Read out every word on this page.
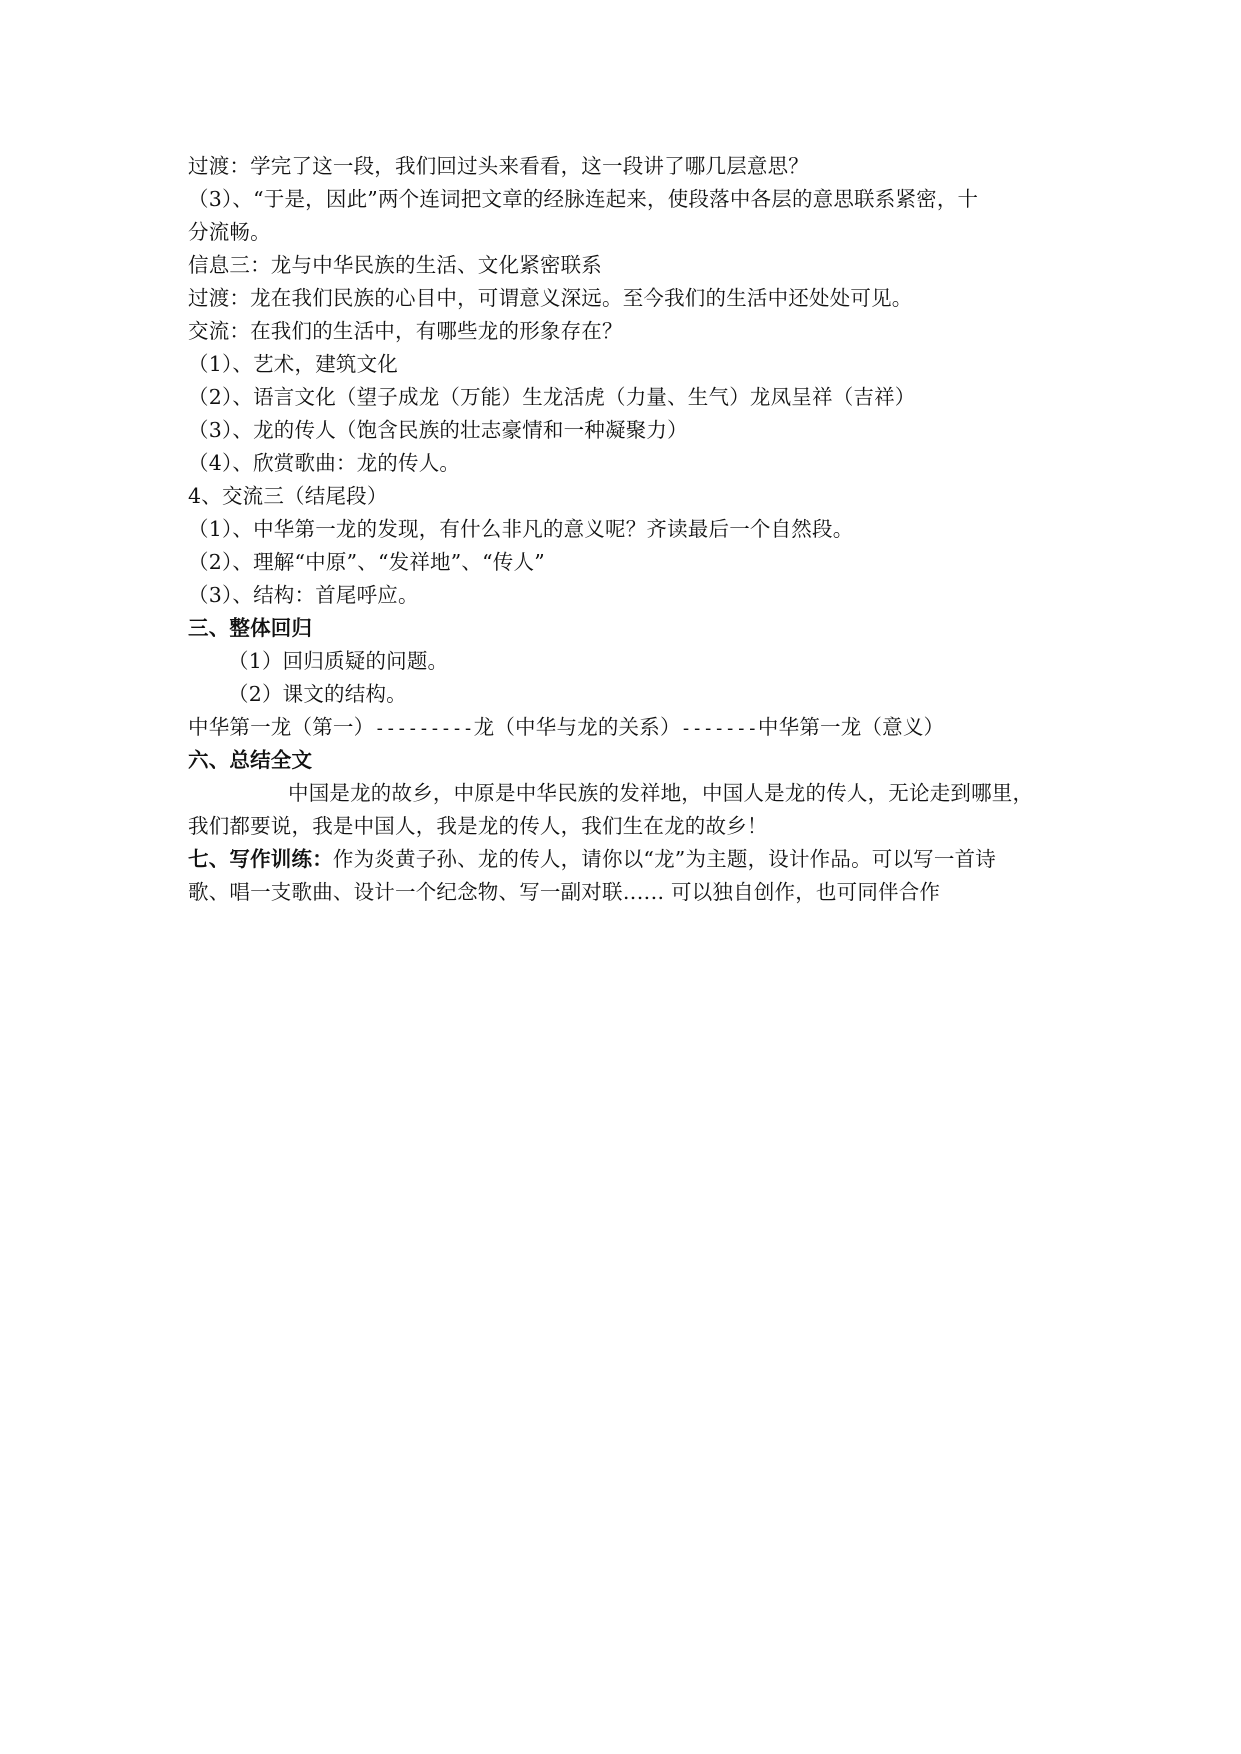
过渡：学完了这一段，我们回过头来看看，这一段讲了哪几层意思？
（3）、“于是，因此”两个连词把文章的经脉连起来，使段落中各层的意思联系紧密，十
分流畅。
信息三：龙与中华民族的生活、文化紧密联系
过渡：龙在我们民族的心目中，可谓意义深远。至今我们的生活中还处处可见。
交流：在我们的生活中，有哪些龙的形象存在？
（1）、艺术，建筑文化
（2）、语言文化（望子成龙（万能）生龙活虎（力量、生气）龙凤呈祥（吉祥）
（3）、龙的传人（饱含民族的壮志豪情和一种凝聚力）
（4）、欣赏歌曲：龙的传人。
4、交流三（结尾段）
（1）、中华第一龙的发现，有什么非凡的意义呢？齐读最后一个自然段。
（2）、理解“中原”、“发祥地”、“传人”
（3）、结构：首尾呼应。
三、整体回归
（1）回归质疑的问题。
（2）课文的结构。
中华第一龙（第一）---------龙（中华与龙的关系）-------中华第一龙（意义）
六、总结全文
中国是龙的故乡，中原是中华民族的发祥地，中国人是龙的传人，无论走到哪里，
我们都要说，我是中国人，我是龙的传人，我们生在龙的故乡！
七、写作训练：作为炎黄子孙、龙的传人，请你以“龙”为主题，设计作品。可以写一首诗
歌、唱一支歌曲、设计一个纪念物、写一副对联‥‥‥ 可以独自创作，也可同伴合作
